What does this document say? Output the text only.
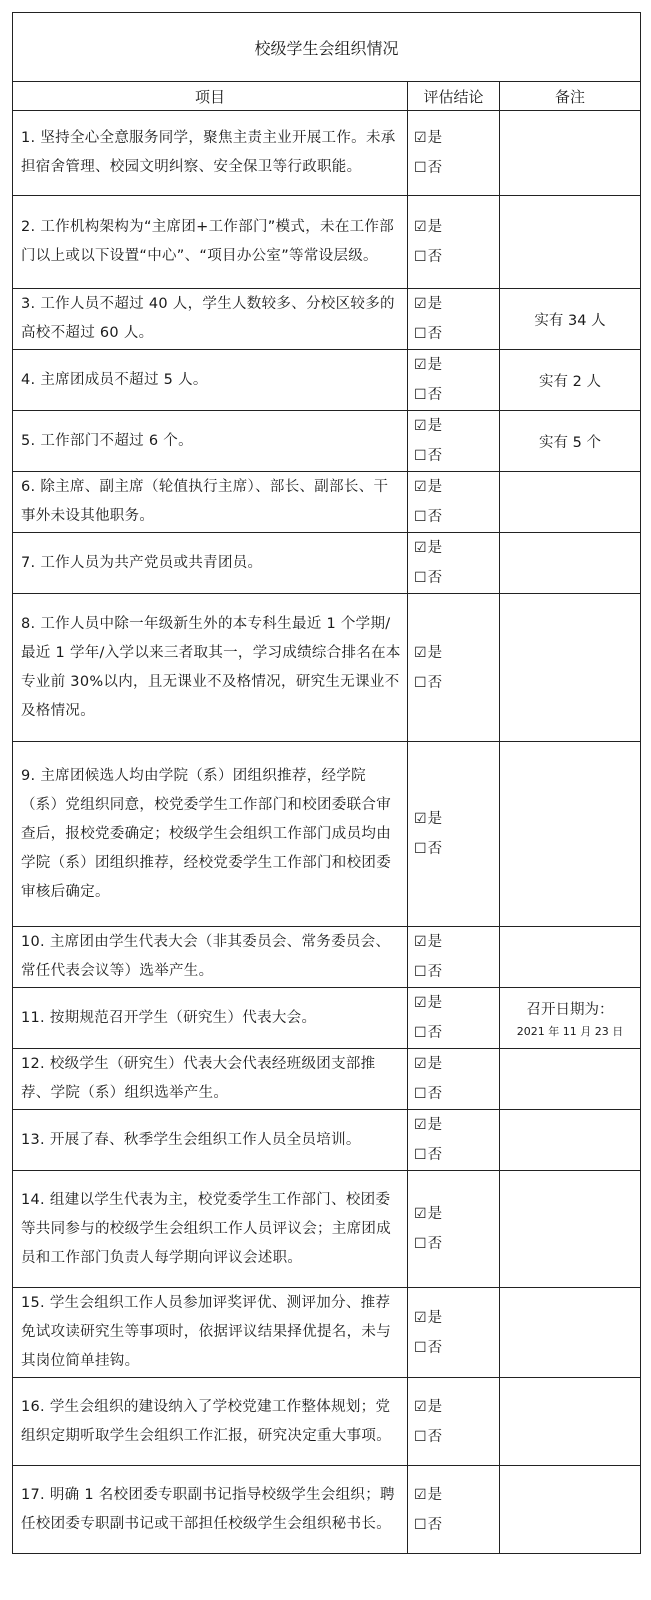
校级学生会组织情况		
项目	评估结论	备注
1. 坚持全心全意服务同学，聚焦主责主业开展工作。未承担宿舍管理、校园文明纠察、安全保卫等行政职能。	☑是
☐否	

2. 工作机构架构为“主席团+工作部门”模式，未在工作部门以上或以下设置“中心”、“项目办公室”等常设层级。	☑是
☐否	

3. 工作人员不超过 40 人，学生人数较多、分校区较多的高校不超过 60 人。	☑是
☐否	实有 34 人

4. 主席团成员不超过 5 人。	☑是
☐否	实有 2 人

5. 工作部门不超过 6 个。	☑是
☐否	实有 5 个

6. 除主席、副主席（轮值执行主席）、部长、副部长、干事外未设其他职务。	☑是
☐否	

7. 工作人员为共产党员或共青团员。	☑是
☐否	

8. 工作人员中除一年级新生外的本专科生最近 1 个学期/最近 1 学年/入学以来三者取其一，学习成绩综合排名在本专业前 30%以内，且无课业不及格情况，研究生无课业不及格情况。	☑是
☐否	

9. 主席团候选人均由学院（系）团组织推荐，经学院（系）党组织同意，校党委学生工作部门和校团委联合审查后，报校党委确定；校级学生会组织工作部门成员均由学院（系）团组织推荐，经校党委学生工作部门和校团委审核后确定。	☑是
☐否	

10. 主席团由学生代表大会（非其委员会、常务委员会、常任代表会议等）选举产生。	☑是
☐否	

11. 按期规范召开学生（研究生）代表大会。	☑是
☐否	召开日期为：
2021 年 11 月 23 日

12. 校级学生（研究生）代表大会代表经班级团支部推荐、学院（系）组织选举产生。	☑是
☐否	

13. 开展了春、秋季学生会组织工作人员全员培训。	☑是
☐否	

14. 组建以学生代表为主，校党委学生工作部门、校团委等共同参与的校级学生会组织工作人员评议会；主席团成员和工作部门负责人每学期向评议会述职。	☑是
☐否	

15. 学生会组织工作人员参加评奖评优、测评加分、推荐免试攻读研究生等事项时，依据评议结果择优提名，未与其岗位简单挂钩。	☑是
☐否	

16. 学生会组织的建设纳入了学校党建工作整体规划；党组织定期听取学生会组织工作汇报，研究决定重大事项。	☑是
☐否	

17. 明确 1 名校团委专职副书记指导校级学生会组织；聘任校团委专职副书记或干部担任校级学生会组织秘书长。	☑是
☐否	
